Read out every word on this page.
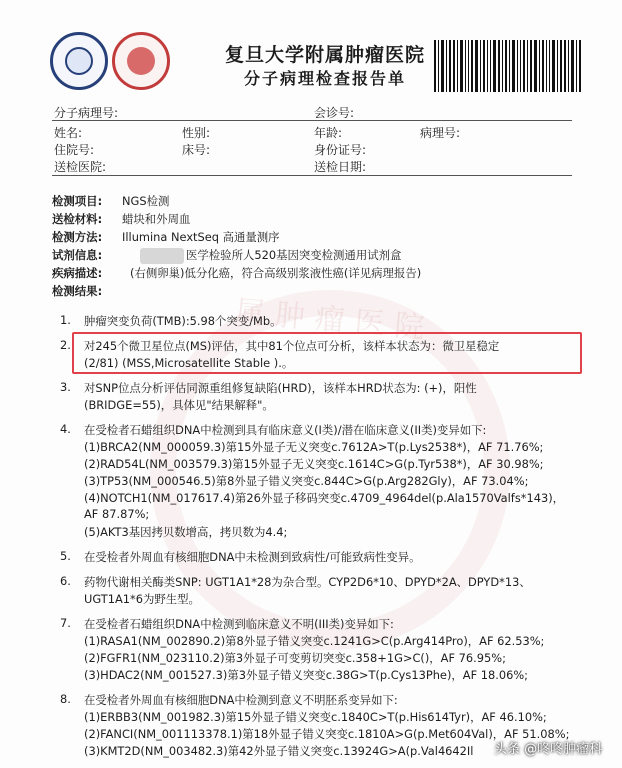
属肿瘤医院
复旦大学附属肿瘤医院
分子病理检查报告单
分子病理号:	会诊号:
姓名:	性别:	年龄:	病理号:
住院号:	床号:	身份证号:
送检医院:	送检日期:
检测项目: NGS检测
送检材料: 蜡块和外周血
检测方法: Illumina NextSeq 高通量测序
试剂信息:	医学检验所人520基因突变检测通用试剂盒
疾病描述: (右侧卵巢)低分化癌，符合高级别浆液性癌(详见病理报告)
检测结果:
1. 肿瘤突变负荷(TMB):5.98个突变/Mb。
2. 对245个微卫星位点(MS)评估，其中81个位点可分析，该样本状态为：微卫星稳定
(2/81) (MSS,Microsatellite Stable ).。
3. 对SNP位点分析评估同源重组修复缺陷(HRD)，该样本HRD状态为: (+)，阳性
(BRIDGE=55)，具体见"结果解释"。
4. 在受检者石蜡组织DNA中检测到具有临床意义(I类)/潜在临床意义(II类)变异如下:
(1)BRCA2(NM_000059.3)第15外显子无义突变c.7612A>T(p.Lys2538*)，AF 71.76%;
(2)RAD54L(NM_003579.3)第15外显子无义突变c.1614C>G(p.Tyr538*)，AF 30.98%;
(3)TP53(NM_000546.5)第8外显子错义突变c.844C>G(p.Arg282Gly)，AF 73.04%;
(4)NOTCH1(NM_017617.4)第26外显子移码突变c.4709_4964del(p.Ala1570Valfs*143)，
AF 87.87%;
(5)AKT3基因拷贝数增高，拷贝数为4.4;
5. 在受检者外周血有核细胞DNA中未检测到致病性/可能致病性变异。
6. 药物代谢相关酶类SNP: UGT1A1*28为杂合型。CYP2D6*10、DPYD*2A、DPYD*13、
UGT1A1*6为野生型。
7. 在受检者石蜡组织DNA中检测到临床意义不明(III类)变异如下:
(1)RASA1(NM_002890.2)第8外显子错义突变c.1241G>C(p.Arg414Pro)，AF 62.53%;
(2)FGFR1(NM_023110.2)第3外显子可变剪切突变c.358+1G>C()，AF 76.95%;
(3)HDAC2(NM_001527.3)第3外显子错义突变c.38G>T(p.Cys13Phe)，AF 18.06%;
8. 在受检者外周血有核细胞DNA中检测到意义不明胚系变异如下:
(1)ERBB3(NM_001982.3)第15外显子错义突变c.1840C>T(p.His614Tyr)，AF 46.10%;
(2)FANCI(NM_001113378.1)第18外显子错义突变c.1810A>G(p.Met604Val)，AF 51.08%;
(3)KMT2D(NM_003482.3)第42外显子错义突变c.13924G>A(p.Val4642Il 头条 @咚咚肿瘤科
